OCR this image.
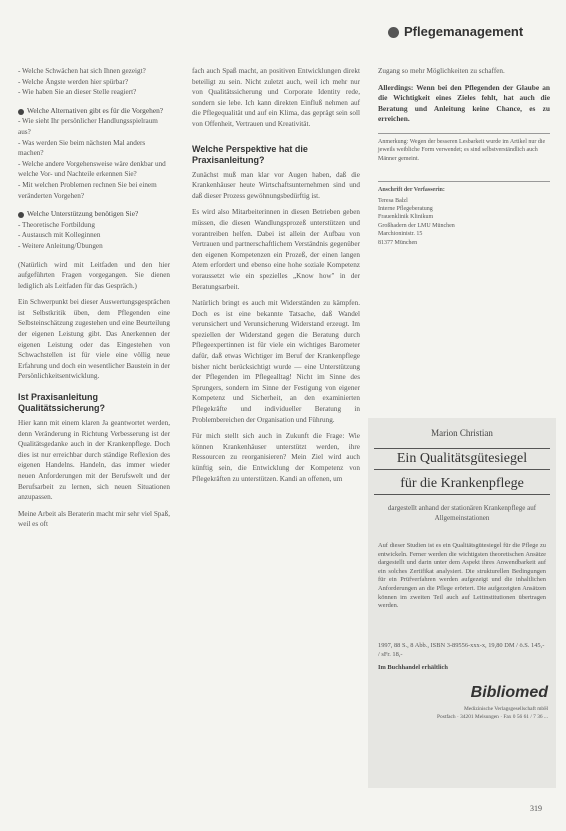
Pflegemanagement

- Welche Schwächen hat sich Ihnen gezeigt?

- Welche Ängste werden hier spürbar?

- Wie haben Sie an dieser Stelle reagiert?

Welche Alternativen gibt es für die Vorgehen?

- Wie sieht Ihr persönlicher Handlungsspielraum aus?

- Was werden Sie beim nächsten Mal anders machen?

- Welche andere Vorgehensweise wäre denkbar und welche Vor- und Nachteile erkennen Sie?

- Mit welchen Problemen rechnen Sie bei einem veränderten Vorgehen?

Welche Unterstützung benötigen Sie?

- Theoretische Fortbildung

- Austausch mit Kolleginnen

- Weitere Anleitung/Übungen

(Natürlich wird mit Leitfaden und den hier aufgeführten Fragen vorgegangen. Sie dienen lediglich als Leitfaden für das Gespräch.)

Ein Schwerpunkt bei dieser Auswertungsgesprächen ist Selbstkritik üben, dem Pflegenden eine Selbsteinschätzung zugestehen und eine Beurteilung der eigenen Leistung gibt. Das Anerkennen der eigenen Leistung oder das Eingestehen von Schwachstellen ist für viele eine völlig neue Erfahrung und doch ein wesentlicher Baustein in der Persönlichkeitsentwicklung.

Ist Praxisanleitung Qualitätssicherung?

Hier kann mit einem klaren Ja geantwortet werden, denn Veränderung in Richtung Verbesserung ist der Qualitätsgedanke auch in der Krankenpflege. Doch dies ist nur erreichbar durch ständige Reflexion des eigenen Handelns. Handeln, das immer wieder neuen Anforderungen mit der Berufswelt und der Berufsarbeit zu lernen, sich neuen Situationen anzupassen.

Meine Arbeit als Beraterin macht mir sehr viel Spaß, weil es oft

fach auch Spaß macht, an positiven Entwicklungen direkt beteiligt zu sein. Nicht zuletzt auch, weil ich mehr nur von Qualitätssicherung und Corporate Identity rede, sondern sie lebe. Ich kann direkten Einfluß nehmen auf die Pflegequalität und auf ein Klima, das geprägt sein soll von Offenheit, Vertrauen und Kreativität.

Welche Perspektive hat die Praxisanleitung?

Zunächst muß man klar vor Augen haben, daß die Krankenhäuser heute Wirtschaftsunternehmen sind und daß dieser Prozess gewöhnungsbedürftig ist.

Es wird also Mitarbeiterinnen in diesen Betrieben geben müssen, die diesen Wandlungsprozeß unterstützen und vorantreiben helfen. Dabei ist allein der Aufbau von Vertrauen und partnerschaftlichem Verständnis gegenüber den eigenen Kompetenzen ein Prozeß, der einen langen Atem erfordert und ebenso eine hohe soziale Kompetenz voraussetzt wie ein spezielles „Know how" in der Beratungsarbeit.

Natürlich bringt es auch mit Widerständen zu kämpfen. Doch es ist eine bekannte Tatsache, daß Wandel verunsichert und Verunsicherung Widerstand erzeugt. Im speziellen der Widerstand gegen die Beratung durch Pflegeexpertinnen ist für viele ein wichtiges Barometer dafür, daß etwas Wichtiger im Beruf der Krankenpflege bisher nicht berücksichtigt wurde — eine Unterstützung der Pflegenden im Pflegealltag! Nicht im Sinne des Sprungers, sondern im Sinne der Festigung von eigener Kompetenz und Sicherheit, an den examinierten Pflegekräfte und individueller Beratung in Problembereichen der Organisation und Führung.

Für mich stellt sich auch in Zukunft die Frage: Wie können Krankenhäuser unterstützt werden, ihre Ressourcen zu reorganisieren? Mein Ziel wird auch künftig sein, die Entwicklung der Kompetenz von Pflegekräften zu unterstützen. Kandi an offenen, um

Zugang so mehr Möglichkeiten zu schaffen.

Allerdings: Wenn bei den Pflegenden der Glaube an die Wichtigkeit eines Zieles fehlt, hat auch die Beratung und Anleitung keine Chance, es zu erreichen.

Anmerkung: Wegen der besseren Lesbarkeit wurde im Artikel nur die jeweils weibliche Form verwendet; es sind selbstverständlich auch Männer gemeint.

Anschrift der Verfasserin:

Teresa Balzl

Interne Pflegeberatung

Frauenklinik Klinikum

Großhadern der LMU München

Marchioninistr. 15

81377 München

Marion Christian
Ein Qualitätsgütesiegel
für die Krankenpflege
dargestellt anhand der stationären Krankenpflege auf Allgemeinstationen
Auf dieser Studien ist es ein Qualitätsgütesiegel für die Pflege zu entwickeln. Ferner werden die wichtigsten theoretischen Ansätze dargestellt und darin unter dem Aspekt ihres Anwendbarkeit auf ein solches Zertifikat analysiert. Die strukturellen Bedingungen für ein Prüfverfahren werden aufgezeigt und die inhaltlichen Anforderungen an die Pflege erörtert. Die aufgezeigten Ansätzen können im zweiten Teil auch auf Leitinstitutionen übertragen werden.
1997, 88 S., 8 Abb., ISBN 3-89556-xxx-x, 19,80 DM / ö.S. 145,- / sFr. 18,-
Im Buchhandel erhältlich
Bibliomed
Medizinische Verlagsgesellschaft mbH
Postfach · 34201 Melsungen · Fax 0 56 61 / 7 36 ...
319
